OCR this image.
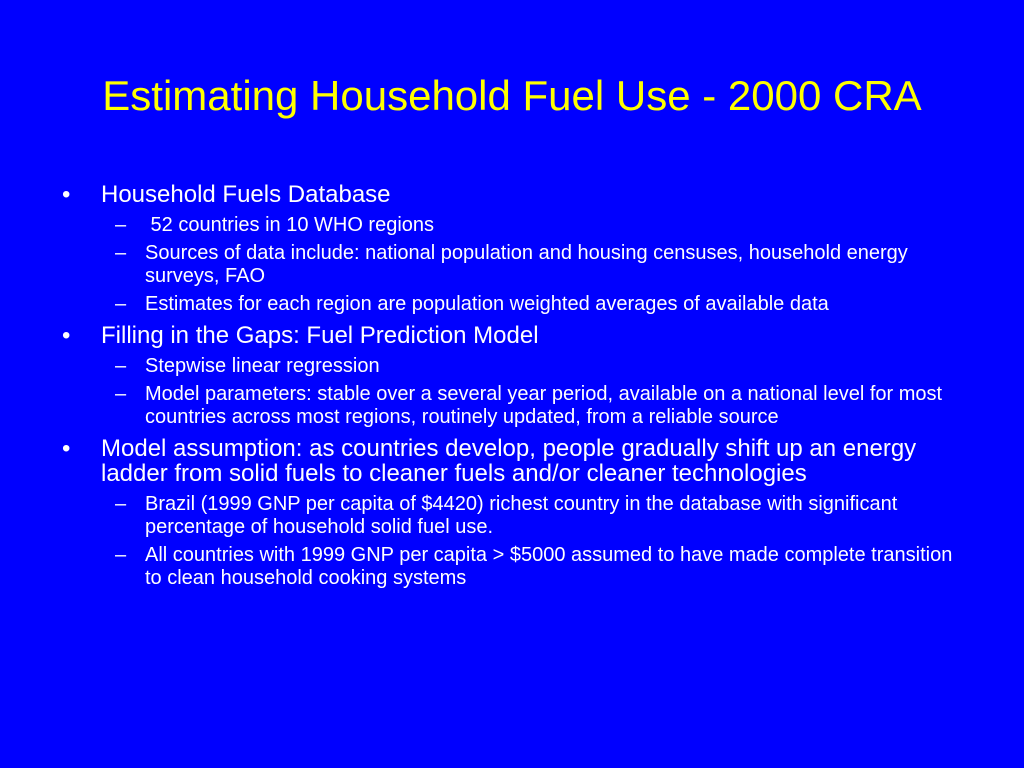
Estimating Household Fuel Use - 2000 CRA
• Household Fuels Database
– 52 countries in 10 WHO regions
– Sources of data include: national population and housing censuses, household energy surveys, FAO
– Estimates for each region are population weighted averages of available data
• Filling in the Gaps: Fuel Prediction Model
– Stepwise linear regression
– Model parameters: stable over a several year period, available on a national level for most countries across most regions, routinely updated, from a reliable source
• Model assumption: as countries develop, people gradually shift up an energy ladder from solid fuels to cleaner fuels and/or cleaner technologies
– Brazil (1999 GNP per capita of $4420) richest country in the database with significant percentage of household solid fuel use.
– All countries with 1999 GNP per capita > $5000 assumed to have made complete transition to clean household cooking systems
